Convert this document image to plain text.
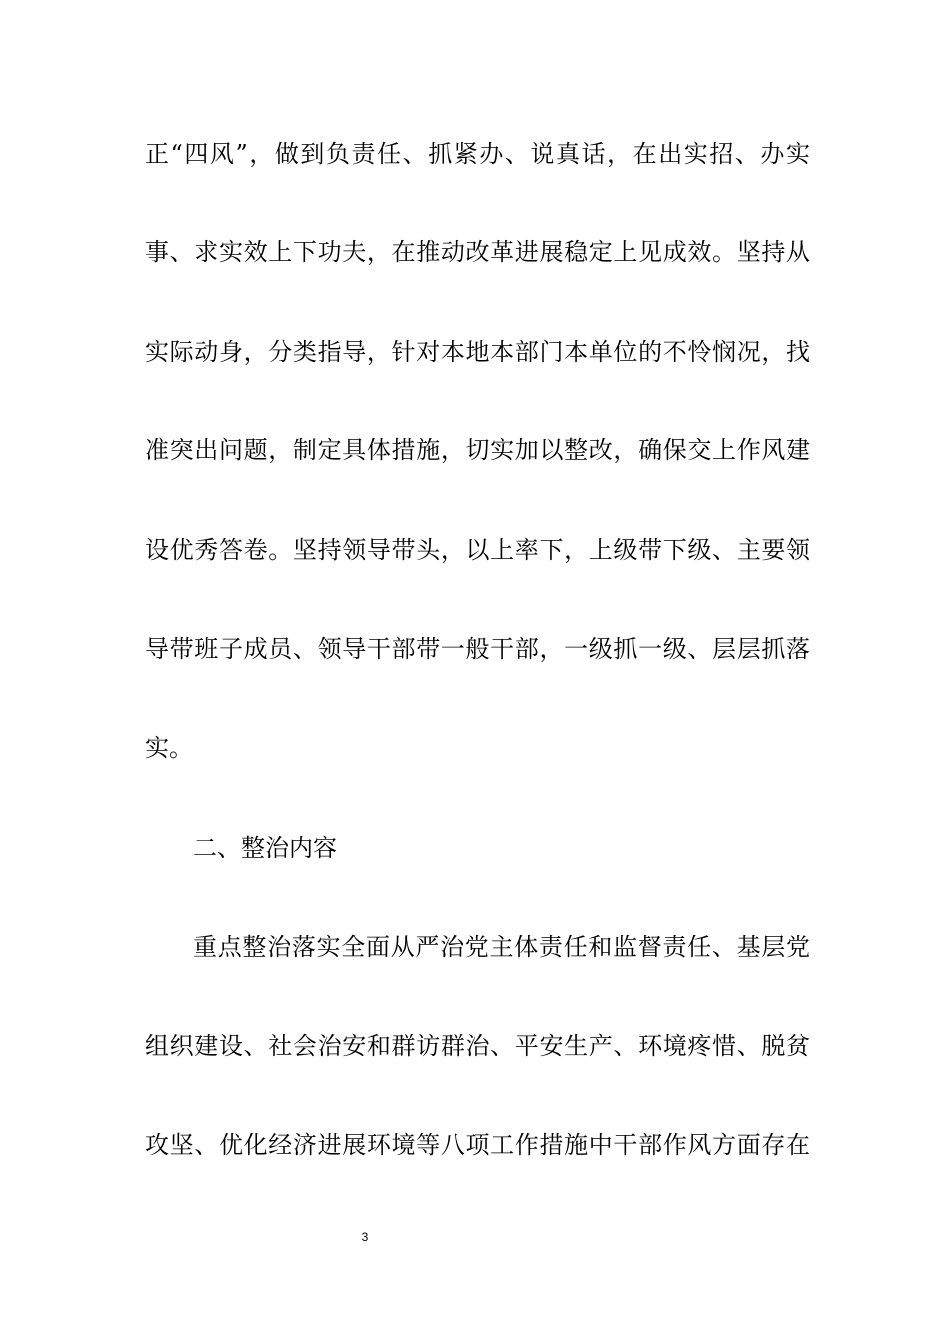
正“四风”，做到负责任、抓紧办、说真话，在出实招、办实
事、求实效上下功夫，在推动改革进展稳定上见成效。坚持从
实际动身，分类指导，针对本地本部门本单位的不怜悯况，找
准突出问题，制定具体措施，切实加以整改，确保交上作风建
设优秀答卷。坚持领导带头，以上率下，上级带下级、主要领
导带班子成员、领导干部带一般干部，一级抓一级、层层抓落
实。
二、整治内容
重点整治落实全面从严治党主体责任和监督责任、基层党
组织建设、社会治安和群访群治、平安生产、环境疼惜、脱贫
攻坚、优化经济进展环境等八项工作措施中干部作风方面存在
3
